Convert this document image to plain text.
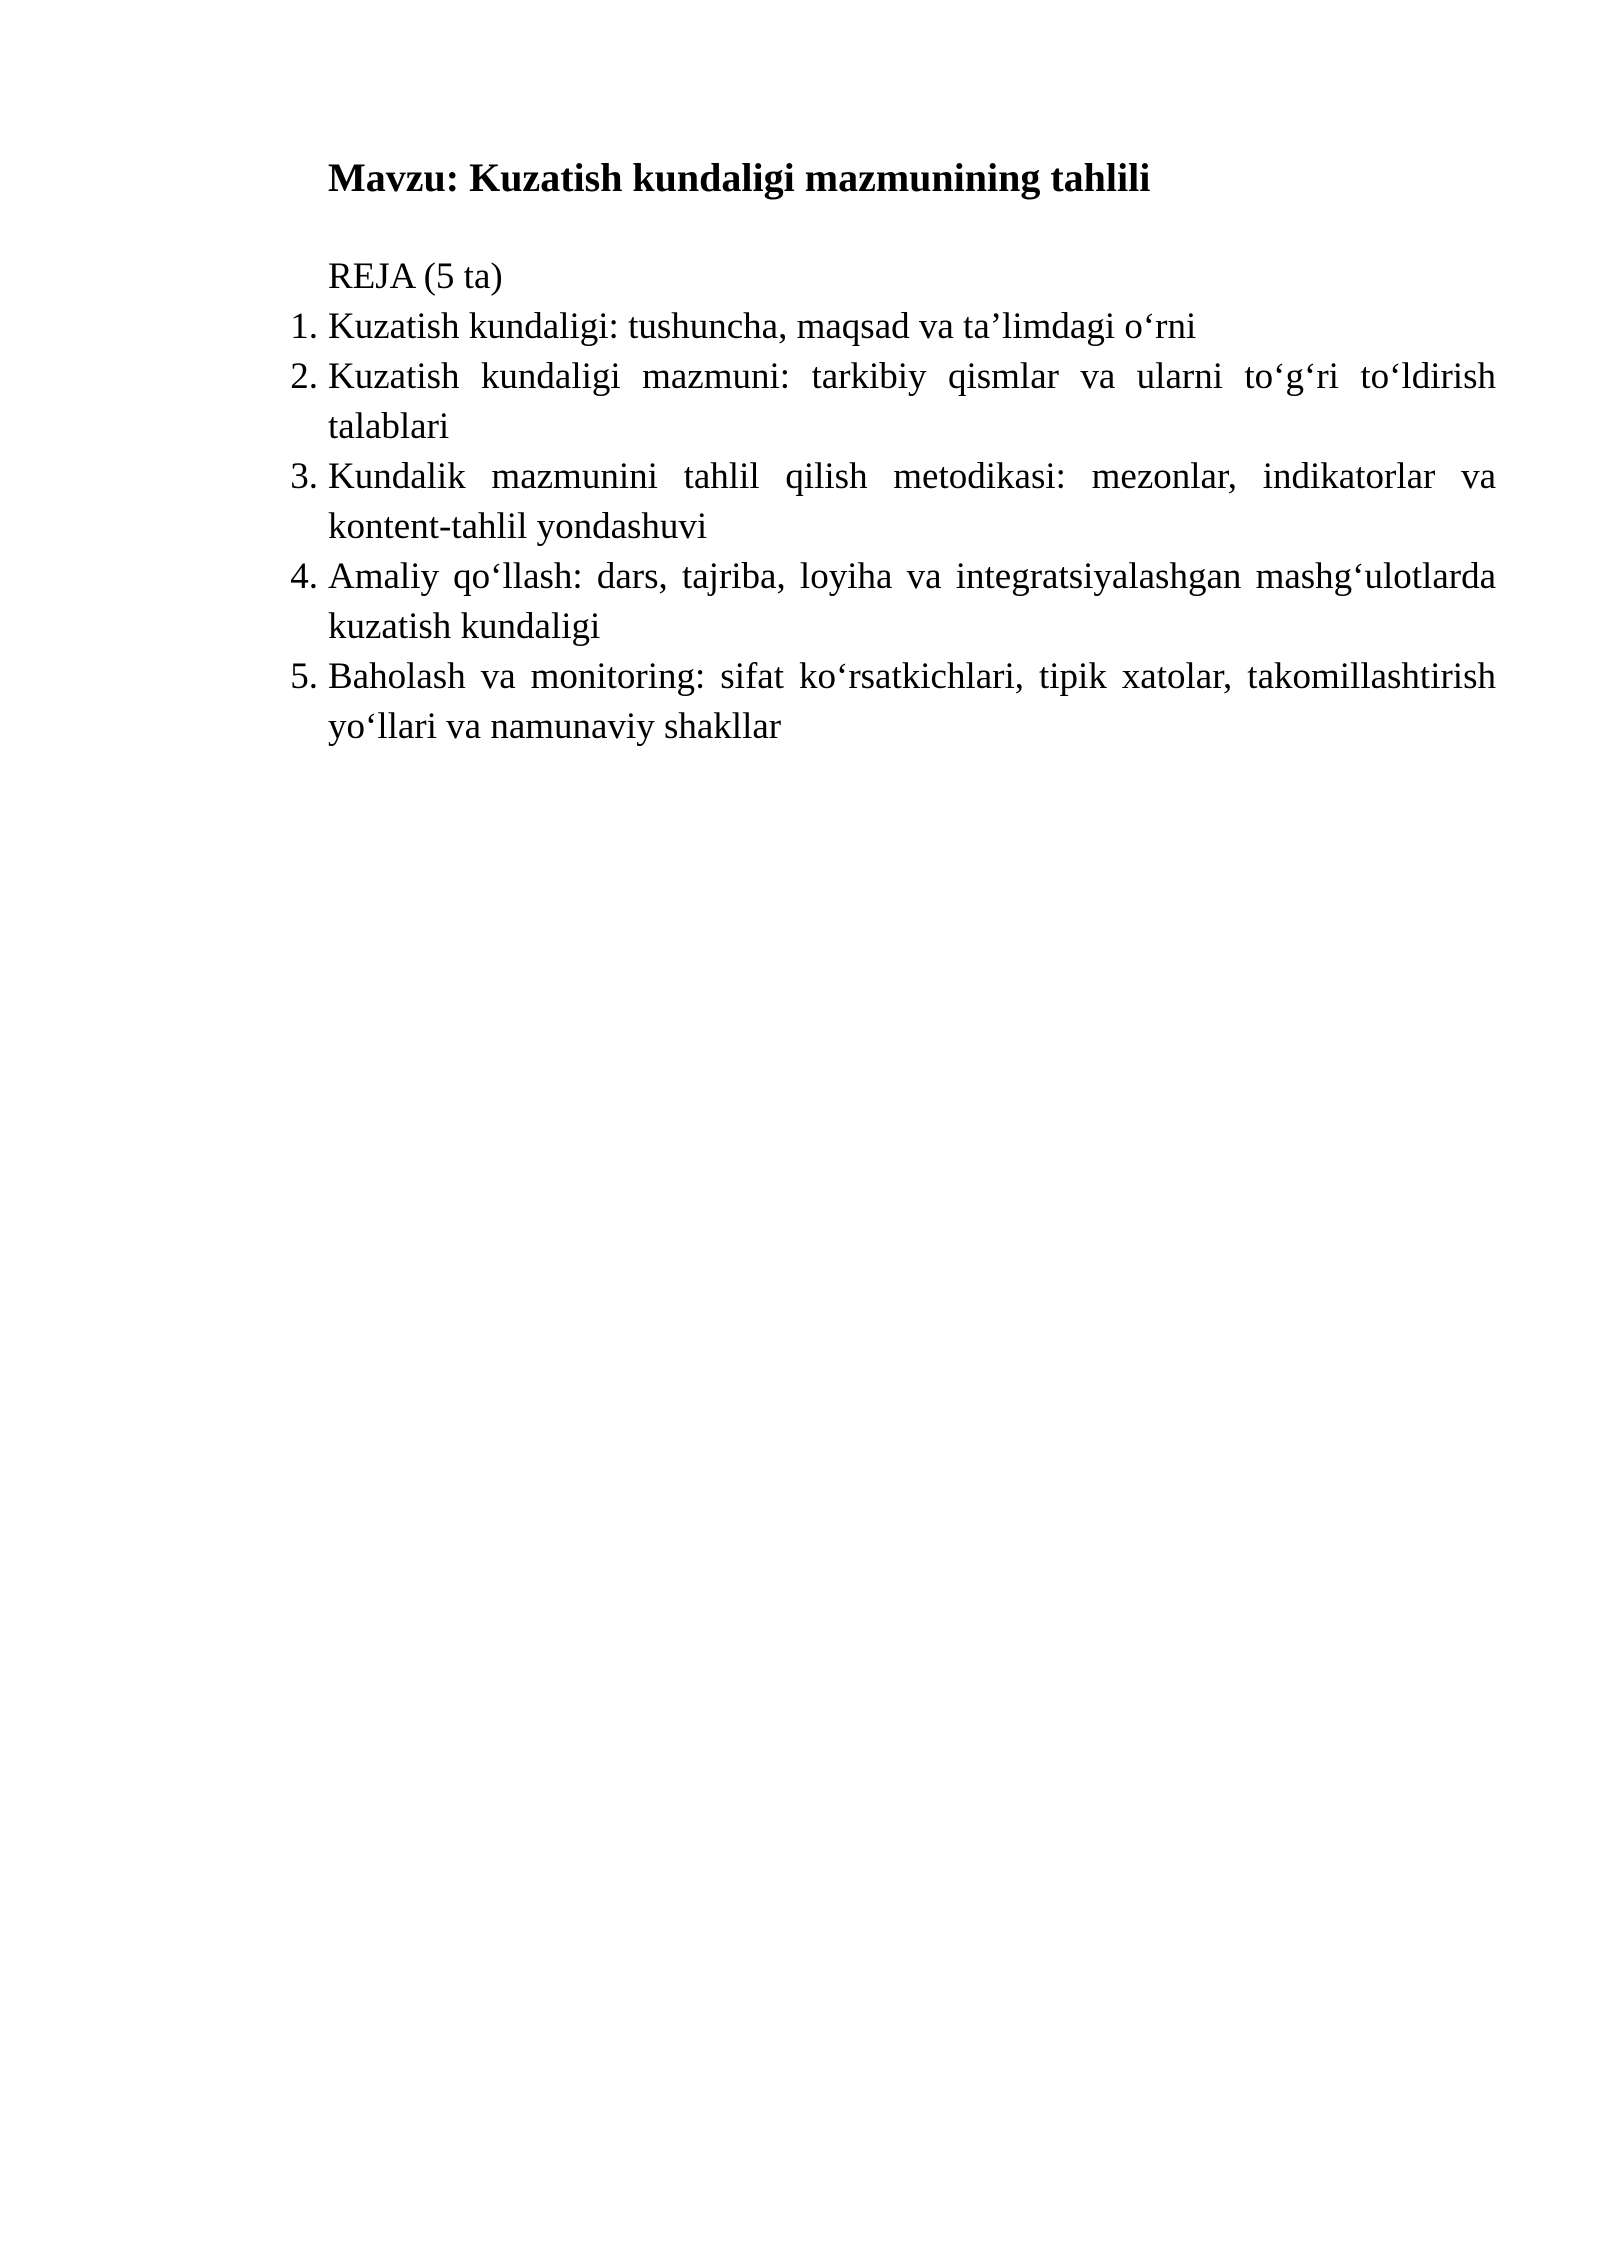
Mavzu: Kuzatish kundaligi mazmunining tahlili
REJA (5 ta)
1. Kuzatish kundaligi: tushuncha, maqsad va ta’limdagi o‘rni
2. Kuzatish kundaligi mazmuni: tarkibiy qismlar va ularni to‘g‘ri to‘ldirish talablari
3. Kundalik mazmunini tahlil qilish metodikasi: mezonlar, indikatorlar va kontent-tahlil yondashuvi
4. Amaliy qo‘llash: dars, tajriba, loyiha va integratsiyalashgan mashg‘ulotlarda kuzatish kundaligi
5. Baholash va monitoring: sifat ko‘rsatkichlari, tipik xatolar, takomillashtirish yo‘llari va namunaviy shakllar
